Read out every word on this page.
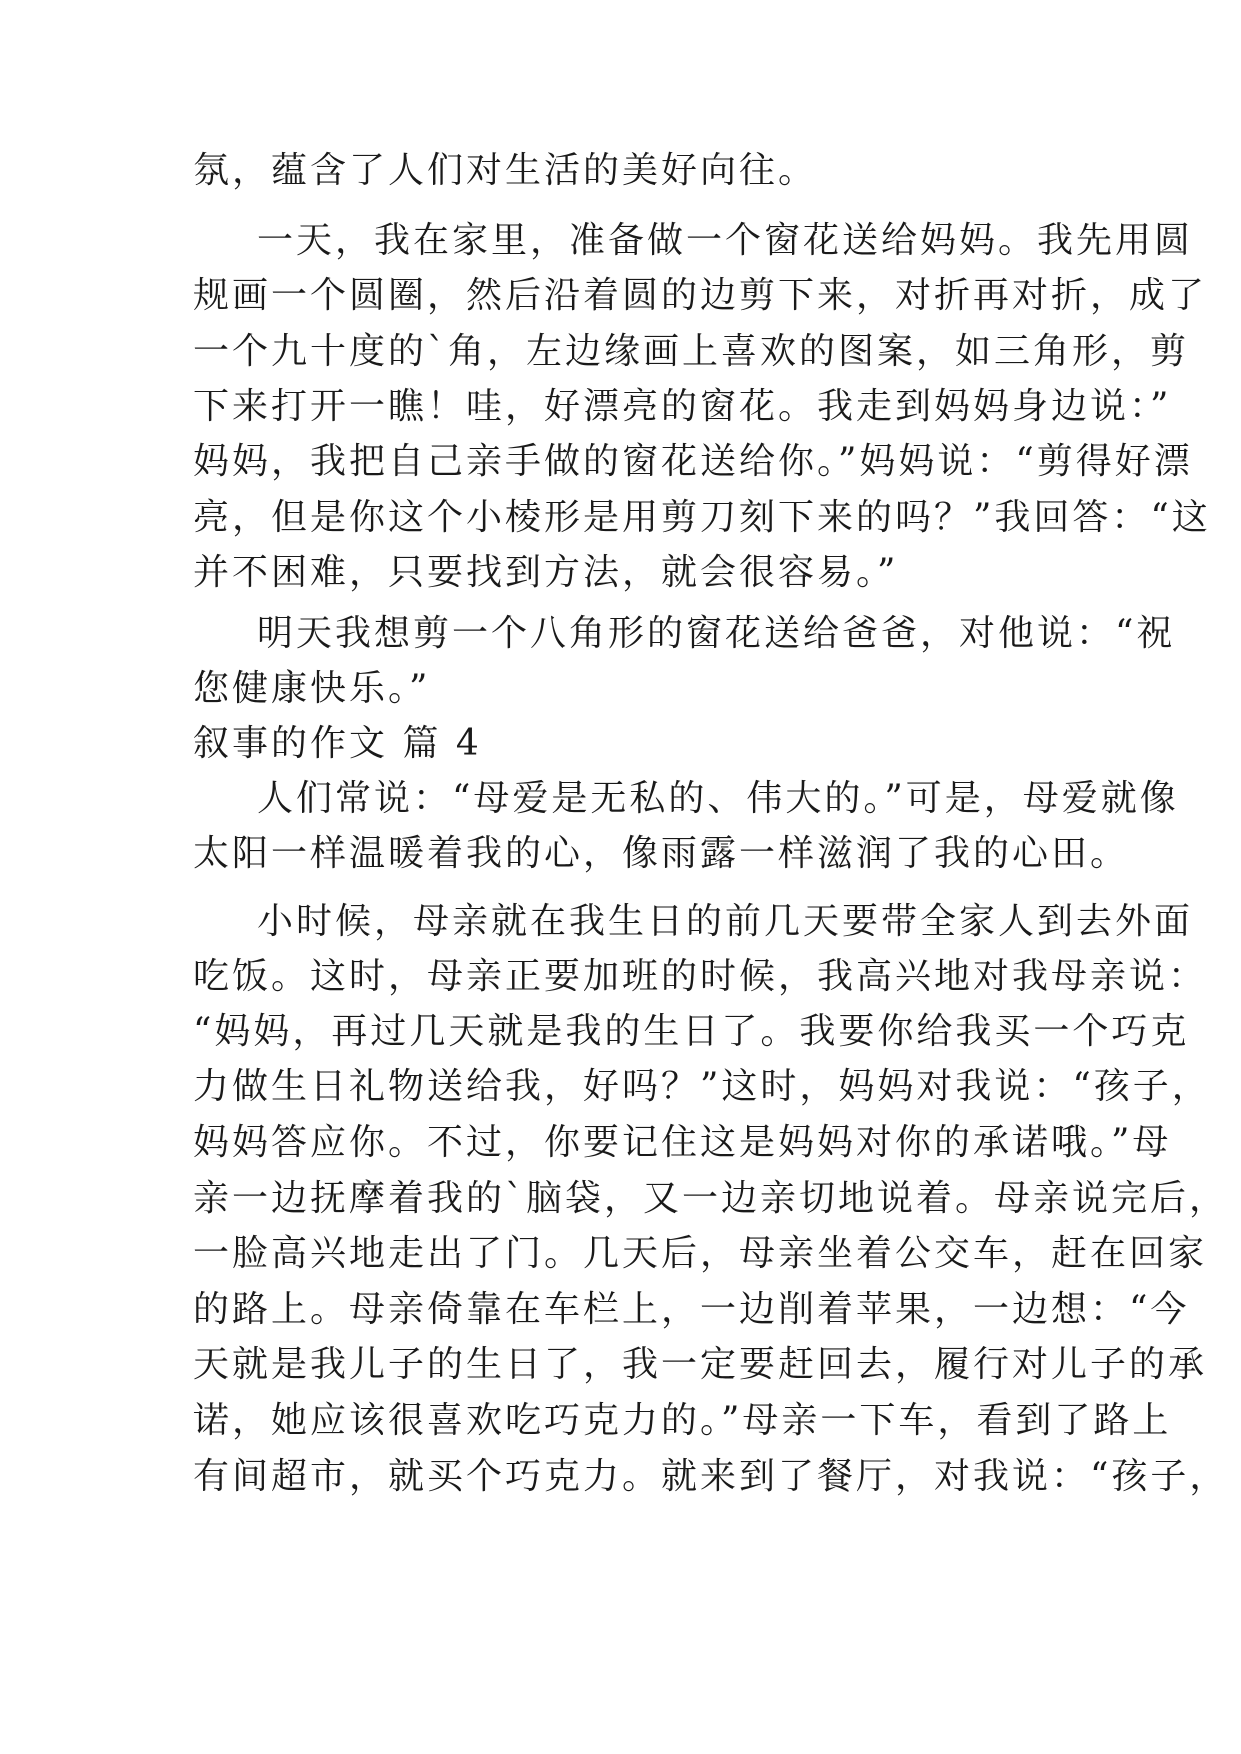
氛，蕴含了人们对生活的美好向往。
一天，我在家里，准备做一个窗花送给妈妈。我先用圆
规画一个圆圈，然后沿着圆的边剪下来，对折再对折，成了
一个九十度的`角，左边缘画上喜欢的图案，如三角形，剪
下来打开一瞧！哇，好漂亮的窗花。我走到妈妈身边说：”
妈妈，我把自己亲手做的窗花送给你。”妈妈说：“剪得好漂
亮，但是你这个小棱形是用剪刀刻下来的吗？”我回答：“这
并不困难，只要找到方法，就会很容易。”
明天我想剪一个八角形的窗花送给爸爸，对他说：“祝
您健康快乐。”
叙事的作文 篇 4
人们常说：“母爱是无私的、伟大的。”可是，母爱就像
太阳一样温暖着我的心，像雨露一样滋润了我的心田。
小时候，母亲就在我生日的前几天要带全家人到去外面
吃饭。这时，母亲正要加班的时候，我高兴地对我母亲说：
“妈妈，再过几天就是我的生日了。我要你给我买一个巧克
力做生日礼物送给我，好吗？”这时，妈妈对我说：“孩子，
妈妈答应你。不过，你要记住这是妈妈对你的承诺哦。”母
亲一边抚摩着我的`脑袋，又一边亲切地说着。母亲说完后，
一脸高兴地走出了门。几天后，母亲坐着公交车，赶在回家
的路上。母亲倚靠在车栏上，一边削着苹果，一边想：“今
天就是我儿子的生日了，我一定要赶回去，履行对儿子的承
诺，她应该很喜欢吃巧克力的。”母亲一下车，看到了路上
有间超市，就买个巧克力。就来到了餐厅，对我说：“孩子，
